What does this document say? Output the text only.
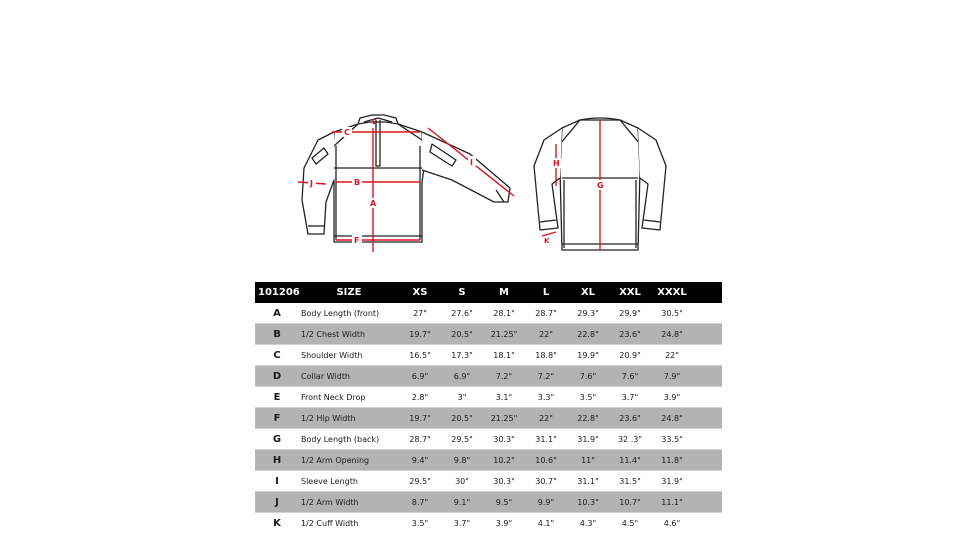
A
B
C
E
F
I
J	G
H
K
101206	SIZE	XS	S	M	L	XL	XXL	XXXL	
A	Body Length (front)	27"	27.6"	28.1"	28.7"	29.3"	29.9"	30.5"	
B	1/2 Chest Width	19.7"	20.5"	21.25"	22"	22.8"	23.6"	24.8"	
C	Shoulder Width	16.5"	17.3"	18.1"	18.8"	19.9"	20.9"	22"	
D	Collar Width	6.9"	6.9"	7.2"	7.2"	7.6"	7.6"	7.9"	
E	Front Neck Drop	2.8"	3"	3.1"	3.3"	3.5"	3.7"	3.9"	
F	1/2 Hip Width	19.7"	20.5"	21.25"	22"	22.8"	23.6"	24.8"	
G	Body Length (back)	28.7"	29.5"	30.3"	31.1"	31.9"	32 .3"	33.5"	
H	1/2 Arm Opening	9.4"	9.8"	10.2"	10.6"	11"	11.4"	11.8"	
I	Sleeve Length	29.5"	30"	30.3"	30.7"	31.1"	31.5"	31.9"	
J	1/2 Arm Width	8.7"	9.1"	9.5"	9.9"	10.3"	10.7"	11.1"	
K	1/2 Cuff Width	3.5"	3.7"	3.9"	4.1"	4.3"	4.5"	4.6"	
